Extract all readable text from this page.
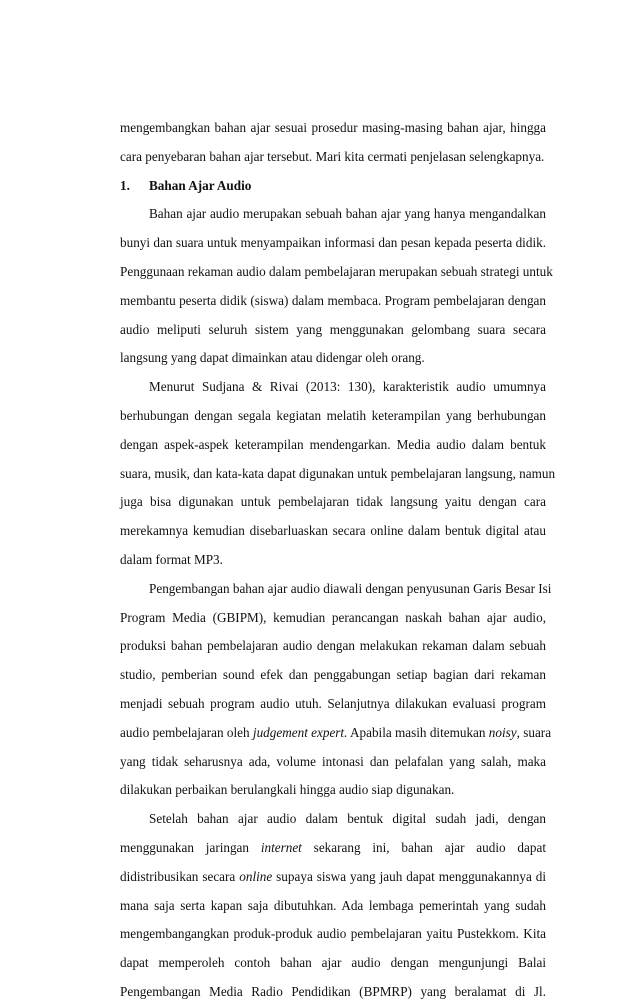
mengembangkan bahan ajar sesuai prosedur masing-masing bahan ajar, hingga
cara penyebaran bahan ajar tersebut. Mari kita cermati penjelasan selengkapnya.
1.	Bahan Ajar Audio
Bahan ajar audio merupakan sebuah bahan ajar yang hanya mengandalkan
bunyi dan suara untuk menyampaikan informasi dan pesan kepada peserta didik.
Penggunaan rekaman audio dalam pembelajaran merupakan sebuah strategi untuk
membantu peserta didik (siswa) dalam membaca. Program pembelajaran dengan
audio meliputi seluruh sistem yang menggunakan gelombang suara secara
langsung yang dapat dimainkan atau didengar oleh orang.
Menurut Sudjana & Rivai (2013: 130), karakteristik audio umumnya
berhubungan dengan segala kegiatan melatih keterampilan yang berhubungan
dengan aspek-aspek keterampilan mendengarkan. Media audio dalam bentuk
suara, musik, dan kata-kata dapat digunakan untuk pembelajaran langsung, namun
juga bisa digunakan untuk pembelajaran tidak langsung yaitu dengan cara
merekamnya kemudian disebarluaskan secara online dalam bentuk digital atau
dalam format MP3.
Pengembangan bahan ajar audio diawali dengan penyusunan Garis Besar Isi
Program Media (GBIPM), kemudian perancangan naskah bahan ajar audio,
produksi bahan pembelajaran audio dengan melakukan rekaman dalam sebuah
studio, pemberian sound efek dan penggabungan setiap bagian dari rekaman
menjadi sebuah program audio utuh. Selanjutnya dilakukan evaluasi program
audio pembelajaran oleh judgement expert. Apabila masih ditemukan noisy, suara
yang tidak seharusnya ada, volume intonasi dan pelafalan yang salah, maka
dilakukan perbaikan berulangkali hingga audio siap digunakan.
Setelah bahan ajar audio dalam bentuk digital sudah jadi, dengan
menggunakan jaringan internet sekarang ini, bahan ajar audio dapat
didistribusikan secara online supaya siswa yang jauh dapat menggunakannya di
mana saja serta kapan saja dibutuhkan. Ada lembaga pemerintah yang sudah
mengembangangkan produk-produk audio pembelajaran yaitu Pustekkom. Kita
dapat memperoleh contoh bahan ajar audio dengan mengunjungi Balai
Pengembangan Media Radio Pendidikan (BPMRP) yang beralamat di Jl.
